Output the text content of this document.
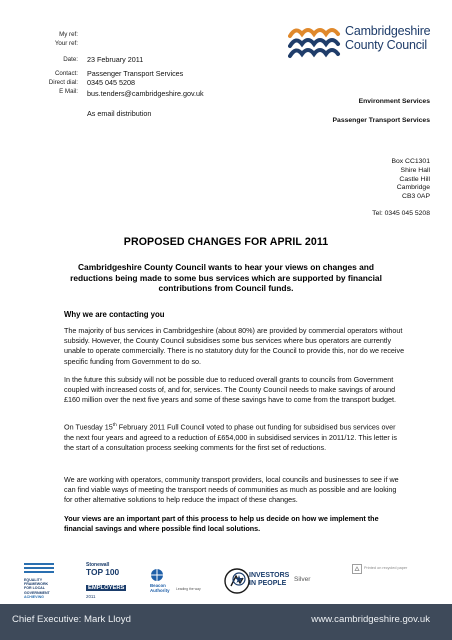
My ref:
Your ref:
Date: 23 February 2011
Contact: Passenger Transport Services
Direct dial: 0345 045 5208
E Mail: bus.tenders@cambridgeshire.gov.uk
As email distribution
Cambridgeshire
County Council
Environment Services
Passenger Transport Services
Box CC1301
Shire Hall
Castle Hill
Cambridge
CB3 0AP
Tel: 0345 045 5208
PROPOSED CHANGES FOR APRIL 2011
Cambridgeshire County Council wants to hear your views on changes and reductions being made to some bus services which are supported by financial contributions from Council funds.
Why we are contacting you
The majority of bus services in Cambridgeshire (about 80%) are provided by commercial operators without subsidy. However, the County Council subsidises some bus services where bus operators are currently unable to operate commercially. There is no statutory duty for the Council to provide this, nor do we receive specific funding from Government to do so.
In the future this subsidy will not be possible due to reduced overall grants to councils from Government coupled with increased costs of, and for, services. The County Council needs to make savings of around £160 million over the next five years and some of these savings have to come from the transport budget.
On Tuesday 15th February 2011 Full Council voted to phase out funding for subsidised bus services over the next four years and agreed to a reduction of £654,000 in subsidised services in 2011/12. This letter is the start of a consultation process seeking comments for the first set of reductions.
We are working with operators, community transport providers, local councils and businesses to see if we can find viable ways of meeting the transport needs of communities as much as possible and are looking for other alternative solutions to help reduce the impact of these changes.
Your views are an important part of this process to help us decide on how we implement the financial savings and where possible find local solutions.
EQUALITY
FRAMEWORK
FOR LOCAL
GOVERNMENT
ACHIEVING
Stonewall
TOP 100
EMPLOYERS
2011
Beacon
Authority Leading the way
INVESTORS
IN PEOPLE
Silver
Printed on recycled paper
Chief Executive: Mark Lloyd	www.cambridgeshire.gov.uk
